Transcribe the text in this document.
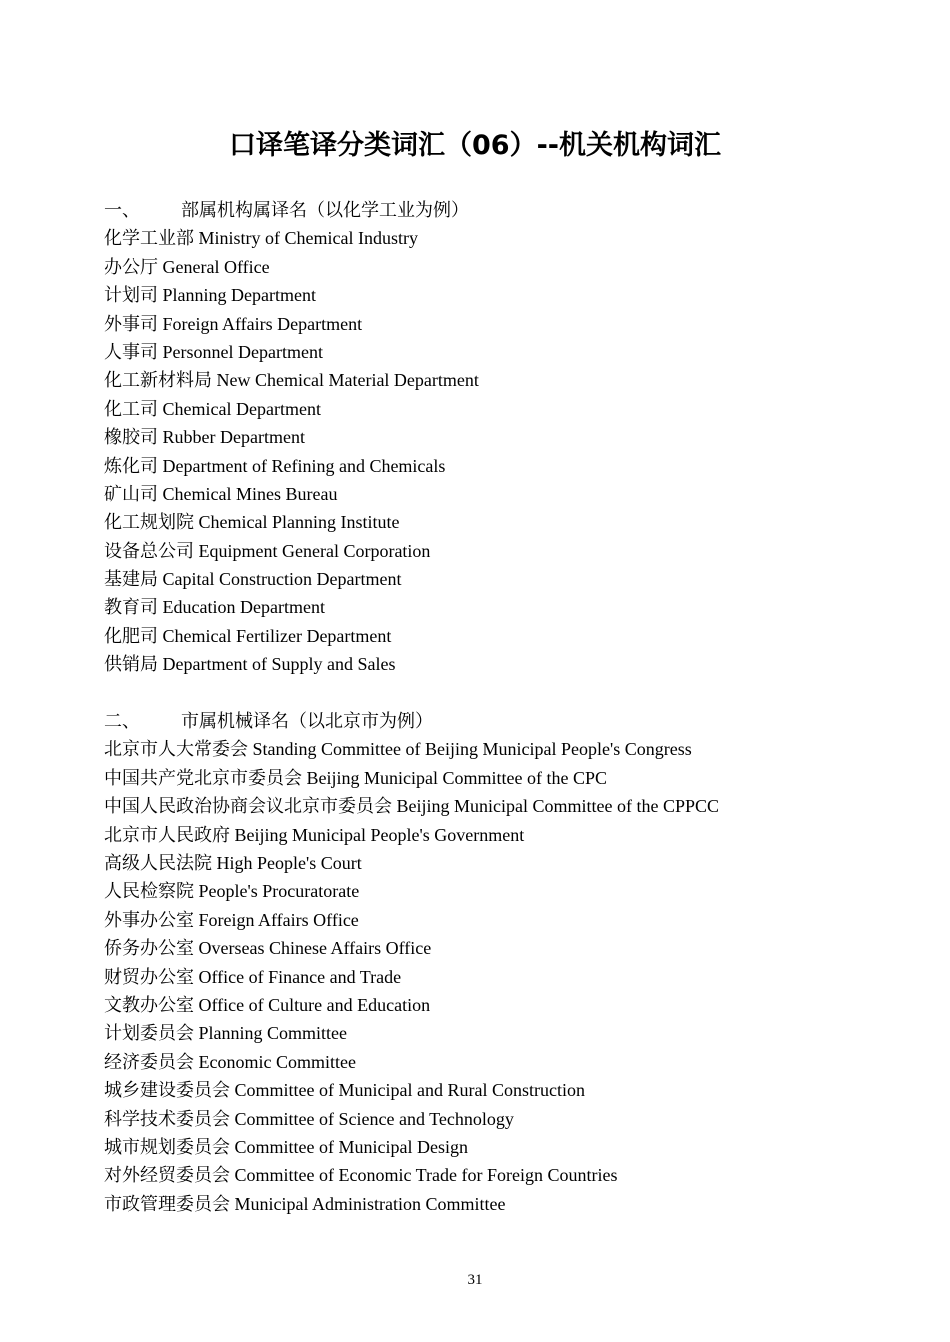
口译笔译分类词汇（06）--机关机构词汇
一、 部属机构属译名（以化学工业为例）
化学工业部 Ministry of Chemical Industry
办公厅 General Office
计划司 Planning Department
外事司 Foreign Affairs Department
人事司 Personnel Department
化工新材料局 New Chemical Material Department
化工司 Chemical Department
橡胶司 Rubber Department
炼化司 Department of Refining and Chemicals
矿山司 Chemical Mines Bureau
化工规划院 Chemical Planning Institute
设备总公司 Equipment General Corporation
基建局 Capital Construction Department
教育司 Education Department
化肥司 Chemical Fertilizer Department
供销局 Department of Supply and Sales
二、 市属机械译名（以北京市为例）
北京市人大常委会 Standing Committee of Beijing Municipal People's Congress
中国共产党北京市委员会 Beijing Municipal Committee of the CPC
中国人民政治协商会议北京市委员会 Beijing Municipal Committee of the CPPCC
北京市人民政府 Beijing Municipal People's Government
高级人民法院 High People's Court
人民检察院 People's Procuratorate
外事办公室 Foreign Affairs Office
侨务办公室 Overseas Chinese Affairs Office
财贸办公室 Office of Finance and Trade
文教办公室 Office of Culture and Education
计划委员会 Planning Committee
经济委员会 Economic Committee
城乡建设委员会 Committee of Municipal and Rural Construction
科学技术委员会 Committee of Science and Technology
城市规划委员会 Committee of Municipal Design
对外经贸委员会 Committee of Economic Trade for Foreign Countries
市政管理委员会 Municipal Administration Committee
31
